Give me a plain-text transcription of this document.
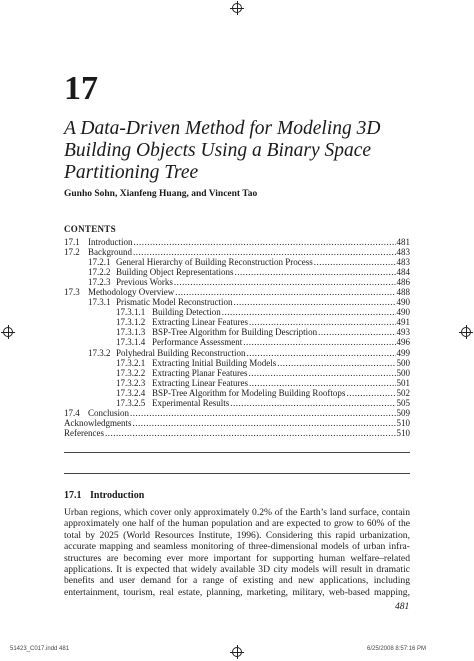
17
A Data-Driven Method for Modeling 3D Building Objects Using a Binary Space Partitioning Tree
Gunho Sohn, Xianfeng Huang, and Vincent Tao
CONTENTS
17.1 Introduction .....	481
17.2 Background .....	483
17.2.1 General Hierarchy of Building Reconstruction Process .....	483
17.2.2 Building Object Representations .....	484
17.2.3 Previous Works .....	486
17.3 Methodology Overview .....	488
17.3.1 Prismatic Model Reconstruction .....	490
17.3.1.1 Building Detection .....	490
17.3.1.2 Extracting Linear Features .....	491
17.3.1.3 BSP-Tree Algorithm for Building Description .....	493
17.3.1.4 Performance Assessment .....	496
17.3.2 Polyhedral Building Reconstruction .....	499
17.3.2.1 Extracting Initial Building Models .....	500
17.3.2.2 Extracting Planar Features .....	500
17.3.2.3 Extracting Linear Features .....	501
17.3.2.4 BSP-Tree Algorithm for Modeling Building Rooftops .....	502
17.3.2.5 Experimental Results .....	505
17.4 Conclusion .....	509
Acknowledgments .....	510
References .....	510
17.1 Introduction
Urban regions, which cover only approximately 0.2% of the Earth’s land surface, contain
approximately one half of the human population and are expected to grow to 60% of the
total by 2025 (World Resources Institute, 1996). Considering this rapid urbanization,
accurate mapping and seamless monitoring of three-dimensional models of urban infra-
structures are becoming ever more important for supporting human welfare–related
applications. It is expected that widely available 3D city models will result in dramatic
benefits and user demand for a range of existing and new applications, including
entertainment, tourism, real estate, planning, marketing, military, web-based mapping,
481
51423_C017.indd 481	6/25/2008 8:57:16 PM
